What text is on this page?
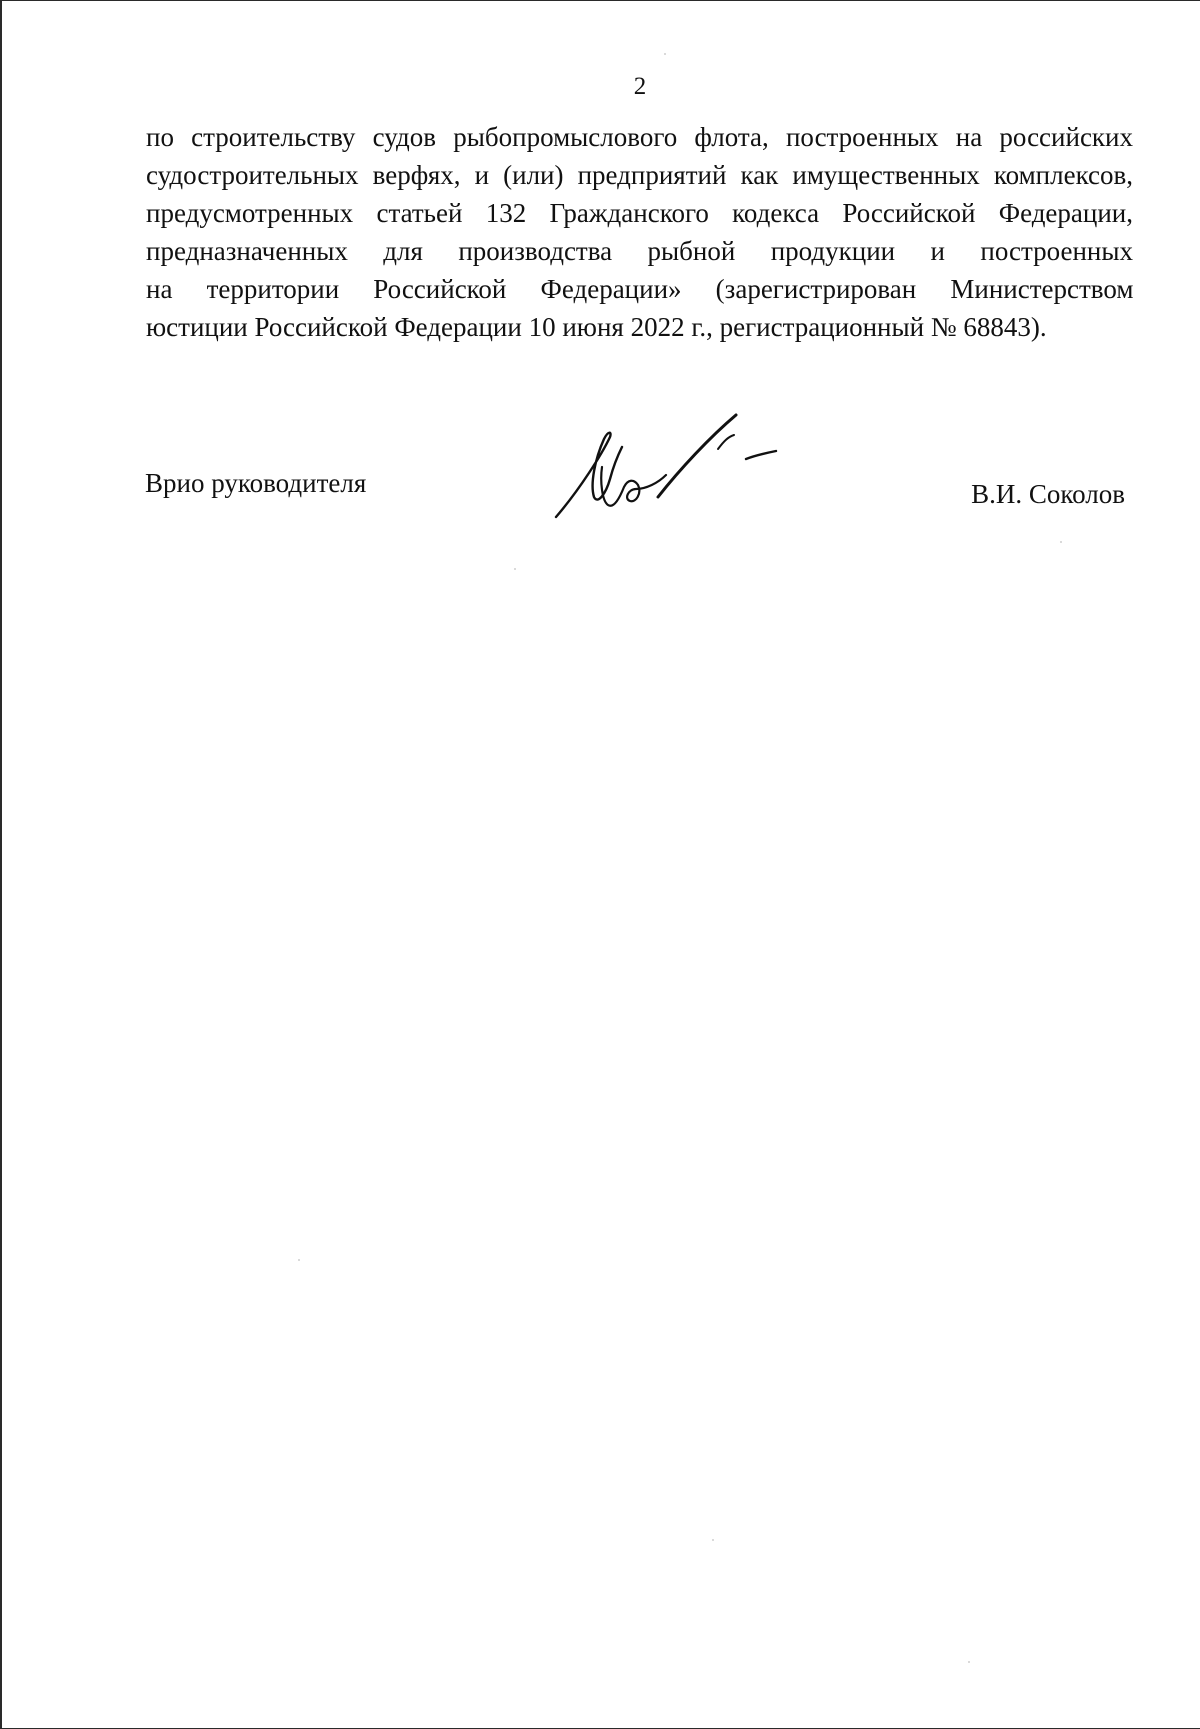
2

по строительству судов рыбопромыслового флота, построенных на российских
судостроительных верфях, и (или) предприятий как имущественных комплексов,
предусмотренных статьей 132 Гражданского кодекса Российской Федерации,
предназначенных для производства рыбной продукции и построенных
на территории Российской Федерации» (зарегистрирован Министерством
юстиции Российской Федерации 10 июня 2022 г., регистрационный № 68843).

Врио руководителя	В.И. Соколов
